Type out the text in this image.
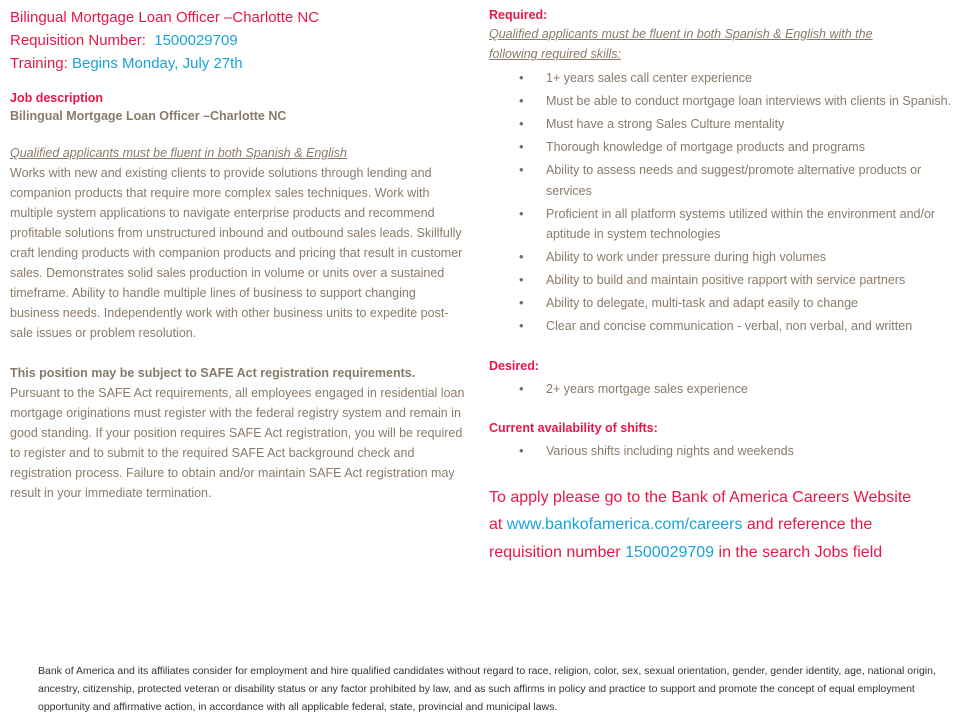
Bilingual Mortgage Loan Officer –Charlotte NC

Requisition Number: 1500029709

Training: Begins Monday, July 27th

Job description

Bilingual Mortgage Loan Officer –Charlotte NC

Qualified applicants must be fluent in both Spanish & English

Works with new and existing clients to provide solutions through lending and companion products that require more complex sales techniques. Work with multiple system applications to navigate enterprise products and recommend profitable solutions from unstructured inbound and outbound sales leads. Skillfully craft lending products with companion products and pricing that result in customer sales. Demonstrates solid sales production in volume or units over a sustained timeframe. Ability to handle multiple lines of business to support changing business needs. Independently work with other business units to expedite post-sale issues or problem resolution.

This position may be subject to SAFE Act registration requirements.

Pursuant to the SAFE Act requirements, all employees engaged in residential loan mortgage originations must register with the federal registry system and remain in good standing. If your position requires SAFE Act registration, you will be required to register and to submit to the required SAFE Act background check and registration process. Failure to obtain and/or maintain SAFE Act registration may result in your immediate termination.

Required:

Qualified applicants must be fluent in both Spanish & English with the following required skills:

• 1+ years sales call center experience
• Must be able to conduct mortgage loan interviews with clients in Spanish.
• Must have a strong Sales Culture mentality
• Thorough knowledge of mortgage products and programs
• Ability to assess needs and suggest/promote alternative products or services
• Proficient in all platform systems utilized within the environment and/or aptitude in system technologies
• Ability to work under pressure during high volumes
• Ability to build and maintain positive rapport with service partners
• Ability to delegate, multi-task and adapt easily to change
• Clear and concise communication - verbal, non verbal, and written

Desired:

• 2+ years mortgage sales experience

Current availability of shifts:

• Various shifts including nights and weekends

To apply please go to the Bank of America Careers Website at www.bankofamerica.com/careers and reference the requisition number 1500029709 in the search Jobs field

Bank of America and its affiliates consider for employment and hire qualified candidates without regard to race, religion, color, sex, sexual orientation, gender, gender identity, age, national origin, ancestry, citizenship, protected veteran or disability status or any factor prohibited by law, and as such affirms in policy and practice to support and promote the concept of equal employment opportunity and affirmative action, in accordance with all applicable federal, state, provincial and municipal laws.
